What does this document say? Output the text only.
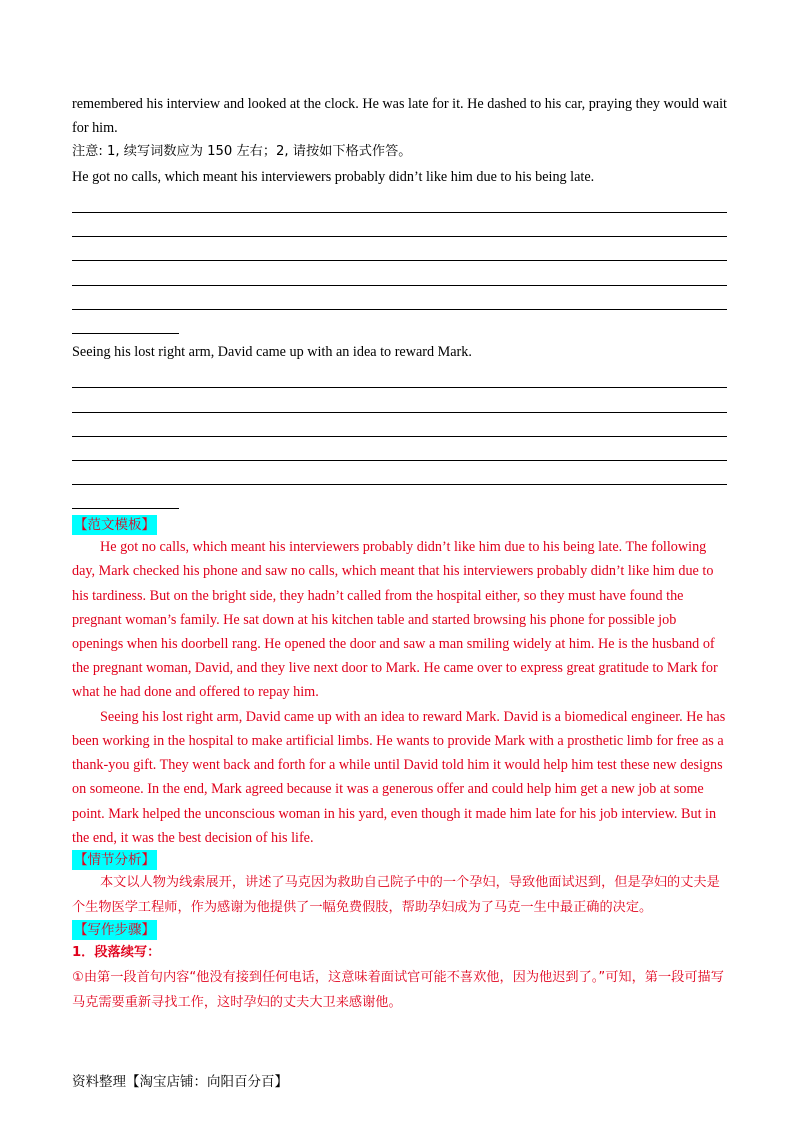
remembered his interview and looked at the clock. He was late for it. He dashed to his car, praying they would wait

for him.

注意: 1, 续写词数应为 150 左右；2, 请按如下格式作答。

He got no calls, which meant his interviewers probably didn’t like him due to his being late.

Seeing his lost right arm, David came up with an idea to reward Mark.

【范文模板】

He got no calls, which meant his interviewers probably didn’t like him due to his being late. The following day, Mark checked his phone and saw no calls, which meant that his interviewers probably didn’t like him due to his tardiness. But on the bright side, they hadn’t called from the hospital either, so they must have found the pregnant woman’s family. He sat down at his kitchen table and started browsing his phone for possible job openings when his doorbell rang. He opened the door and saw a man smiling widely at him. He is the husband of the pregnant woman, David, and they live next door to Mark. He came over to express great gratitude to Mark for what he had done and offered to repay him.

Seeing his lost right arm, David came up with an idea to reward Mark. David is a biomedical engineer. He has been working in the hospital to make artificial limbs. He wants to provide Mark with a prosthetic limb for free as a thank-you gift. They went back and forth for a while until David told him it would help him test these new designs on someone. In the end, Mark agreed because it was a generous offer and could help him get a new job at some point. Mark helped the unconscious woman in his yard, even though it made him late for his job interview. But in the end, it was the best decision of his life.

【情节分析】

本文以人物为线索展开，讲述了马克因为救助自己院子中的一个孕妇，导致他面试迟到，但是孕妇的丈夫是个生物医学工程师，作为感谢为他提供了一幅免费假肢，帮助孕妇成为了马克一生中最正确的决定。

【写作步骤】

1．段落续写：

①由第一段首句内容“他没有接到任何电话，这意味着面试官可能不喜欢他，因为他迟到了。”可知，第一段可描写马克需要重新寻找工作，这时孕妇的丈夫大卫来感谢他。

资料整理【淘宝店铺：向阳百分百】
